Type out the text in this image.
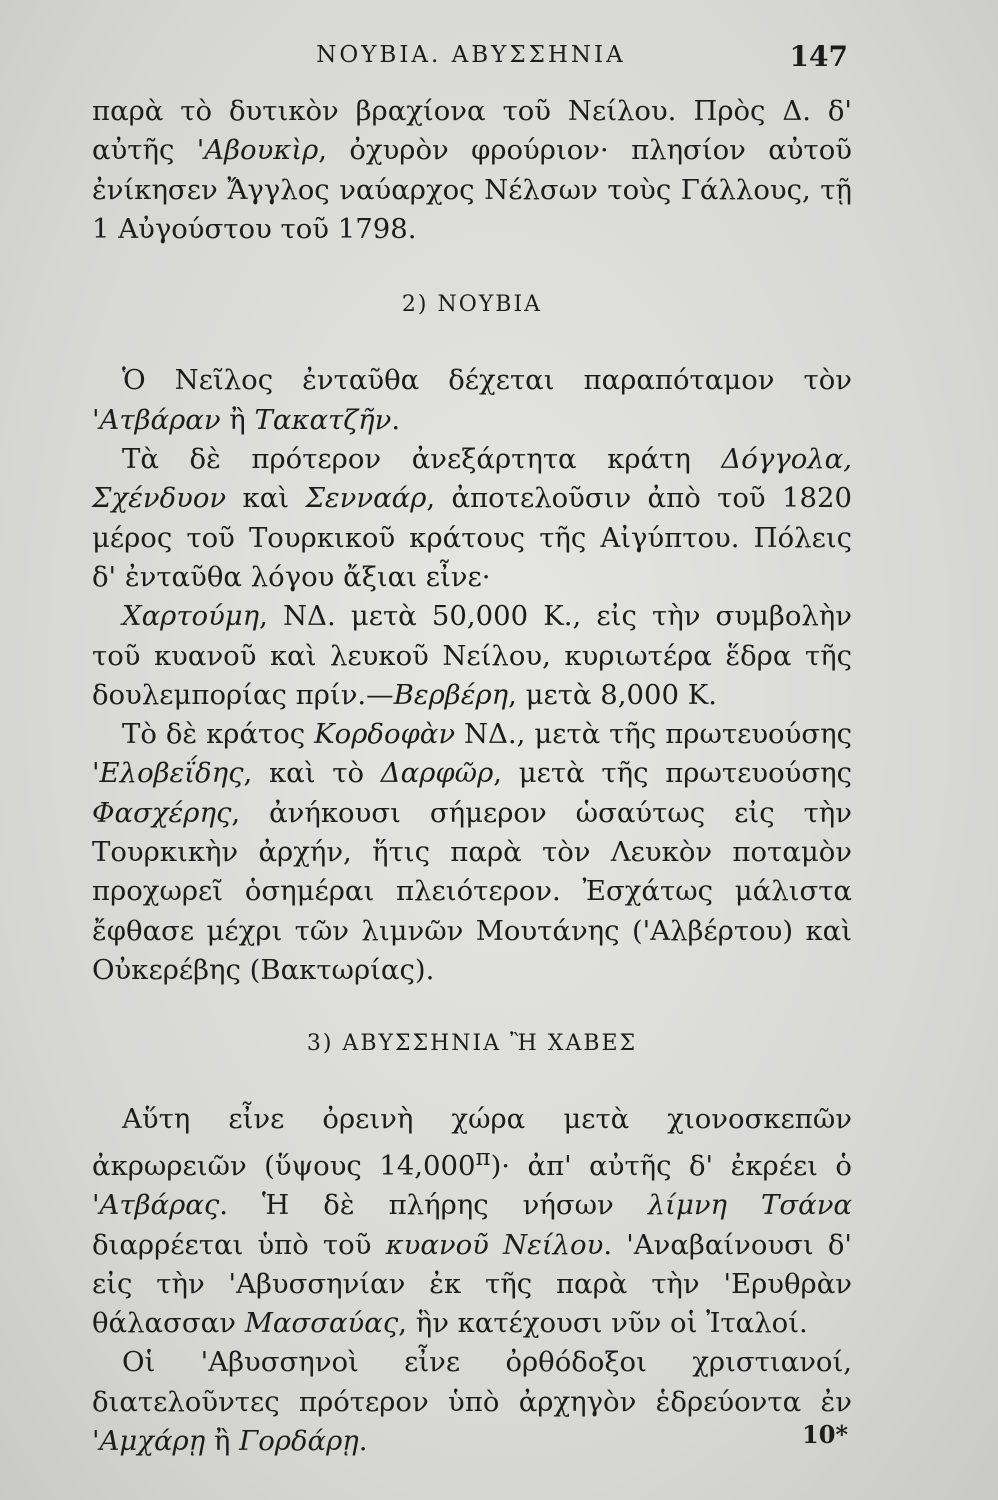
ΝΟΥΒΙΑ. ΑΒΥΣΣΗΝΙΑ	147

παρὰ τὸ δυτικὸν βραχίονα τοῦ Νείλου. Πρὸς Δ. δ' αὐτῆς 'Αβουκὶρ, ὀχυρὸν φρούριον· πλησίον αὐτοῦ ἐνίκησεν Ἄγγλος ναύαρχος Νέλσων τοὺς Γάλλους, τῇ 1 Αὐγούστου τοῦ 1798.

2) ΝΟΥΒΙΑ

Ὁ Νεῖλος ἐνταῦθα δέχεται παραπόταμον τὸν 'Ατβάραν ἢ Τακατζῆν.

Τὰ δὲ πρότερον ἀνεξάρτητα κράτη Δόγγολα, Σχένδυον καὶ Σενναάρ, ἀποτελοῦσιν ἀπὸ τοῦ 1820 μέρος τοῦ Τουρκικοῦ κράτους τῆς Αἰγύπτου. Πόλεις δ' ἐνταῦθα λόγου ἄξιαι εἶνε·

Χαρτούμη, ΝΔ. μετὰ 50,000 Κ., εἰς τὴν συμβολὴν τοῦ κυανοῦ καὶ λευκοῦ Νείλου, κυριωτέρα ἕδρα τῆς δουλεμπορίας πρίν.—Βερβέρη, μετὰ 8,000 Κ.

Τὸ δὲ κράτος Κορδοφὰν ΝΔ., μετὰ τῆς πρωτευούσης 'Ελοβεΐδης, καὶ τὸ Δαρφῶρ, μετὰ τῆς πρωτευούσης Φασχέρης, ἀνήκουσι σήμερον ὡσαύτως εἰς τὴν Τουρκικὴν ἀρχήν, ἥτις παρὰ τὸν Λευκὸν ποταμὸν προχωρεῖ ὁσημέραι πλειότερον. Ἐσχάτως μάλιστα ἔφθασε μέχρι τῶν λιμνῶν Μουτάνης ('Αλβέρτου) καὶ Οὐκερέβης (Βακτωρίας).

3) ΑΒΥΣΣΗΝΙΑ Ἢ ΧΑΒΕΣ

Αὕτη εἶνε ὀρεινὴ χώρα μετὰ χιονοσκεπῶν ἀκρωρειῶν (ὕψους $14,000^\pi)\cdot$ ἀπ' αὐτῆς δ' ἐκρέει ὁ 'Ατβάρας. Ἡ δὲ πλήρης νήσων λίμνη Τσάνα διαρρέεται ὑπὸ τοῦ κυανοῦ Νείλου. 'Αναβαίνουσι δ' εἰς τὴν 'Αβυσσηνίαν ἐκ τῆς παρὰ τὴν 'Ερυθρὰν θάλασσαν Μασσαύας, ἣν κατέχουσι νῦν οἱ Ἰταλοί.

Οἱ 'Αβυσσηνοὶ εἶνε ὀρθόδοξοι χριστιανοί, διατελοῦντες πρότερον ὑπὸ ἀρχηγὸν ἑδρεύοντα ἐν 'Αμχάρῃ ἢ Γορδάρῃ.	10*
